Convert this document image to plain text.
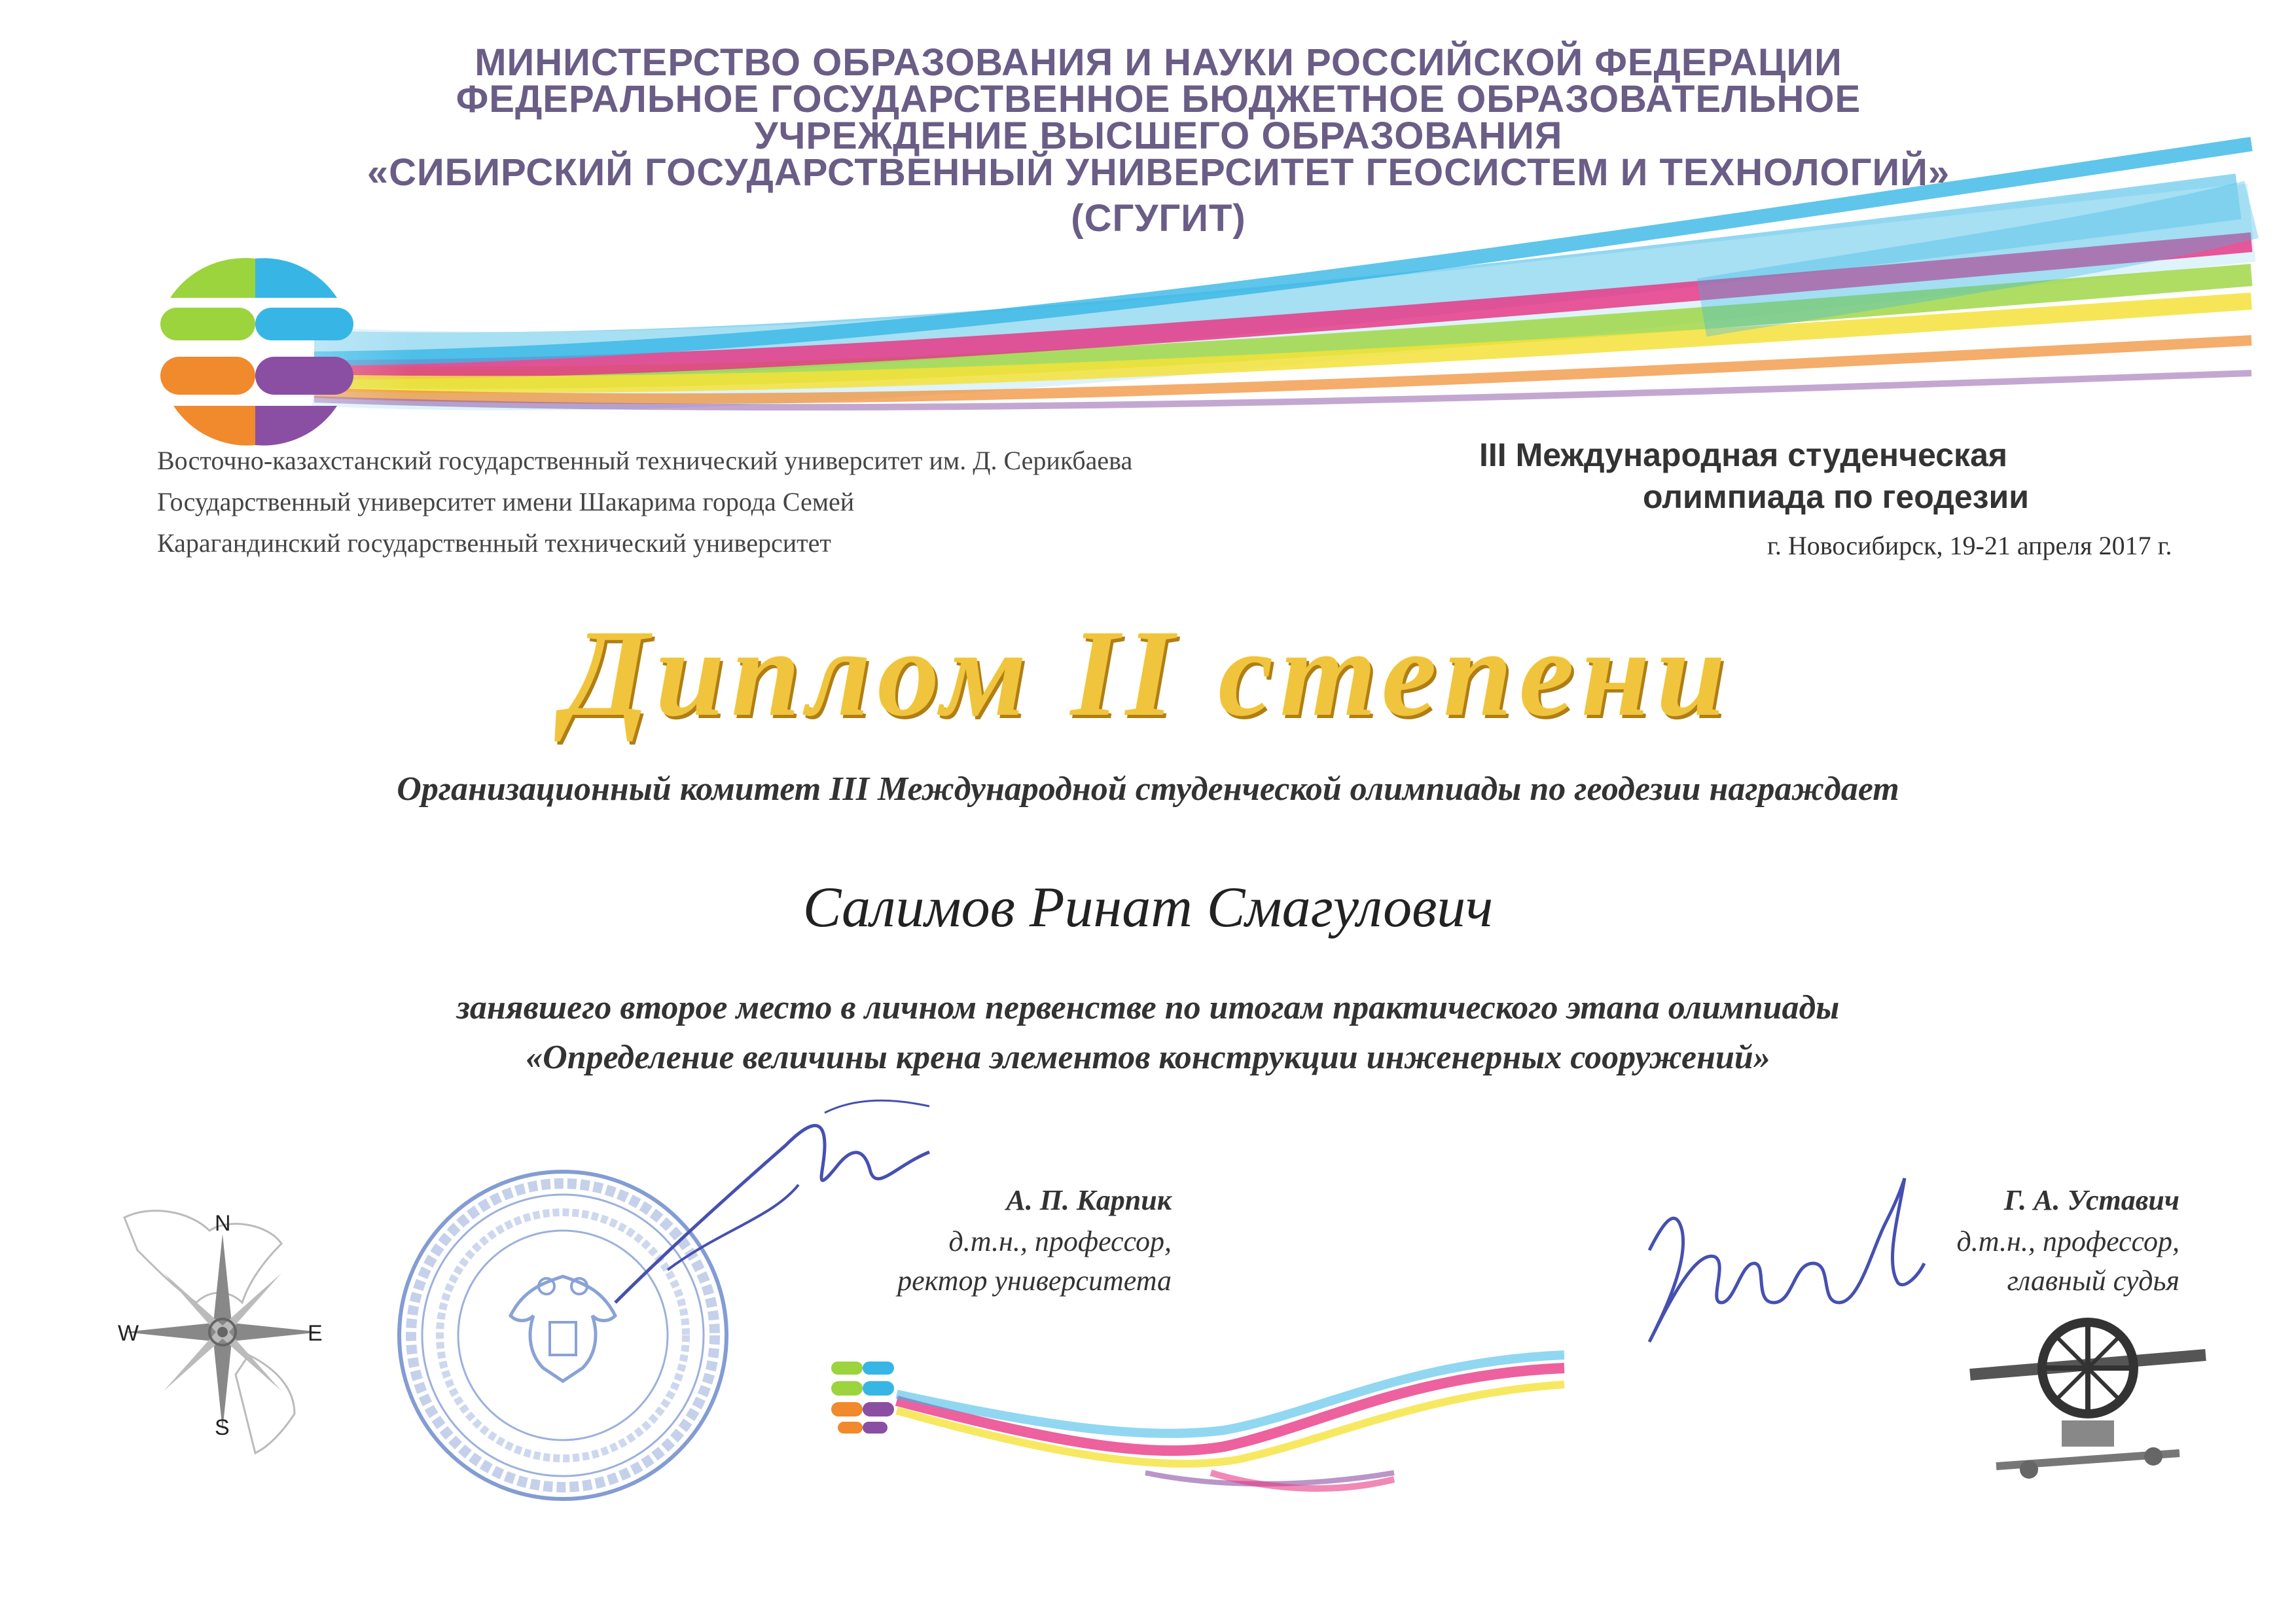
МИНИСТЕРСТВО ОБРАЗОВАНИЯ И НАУКИ РОССИЙСКОЙ ФЕДЕРАЦИИ
ФЕДЕРАЛЬНОЕ ГОСУДАРСТВЕННОЕ БЮДЖЕТНОЕ ОБРАЗОВАТЕЛЬНОЕ
УЧРЕЖДЕНИЕ ВЫСШЕГО ОБРАЗОВАНИЯ
«СИБИРСКИЙ ГОСУДАРСТВЕННЫЙ УНИВЕРСИТЕТ ГЕОСИСТЕМ И ТЕХНОЛОГИЙ»
(СГУГИТ)
Восточно-казахстанский государственный технический университет им. Д. Серикбаева
Государственный университет имени Шакарима города Семей
Карагандинский государственный технический университет
III Международная студенческая
олимпиада по геодезии
г. Новосибирск, 19-21 апреля 2017 г.
Диплом II степени
Организационный комитет III Международной студенческой олимпиады по геодезии награждает
Салимов Ринат Смагулович
занявшего второе место в личном первенстве по итогам практического этапа олимпиады
«Определение величины крена элементов конструкции инженерных сооружений»
N
S
E
W
А. П. Карпик
д.т.н., профессор,
ректор университета
Г. А. Уставич
д.т.н., профессор,
главный судья
